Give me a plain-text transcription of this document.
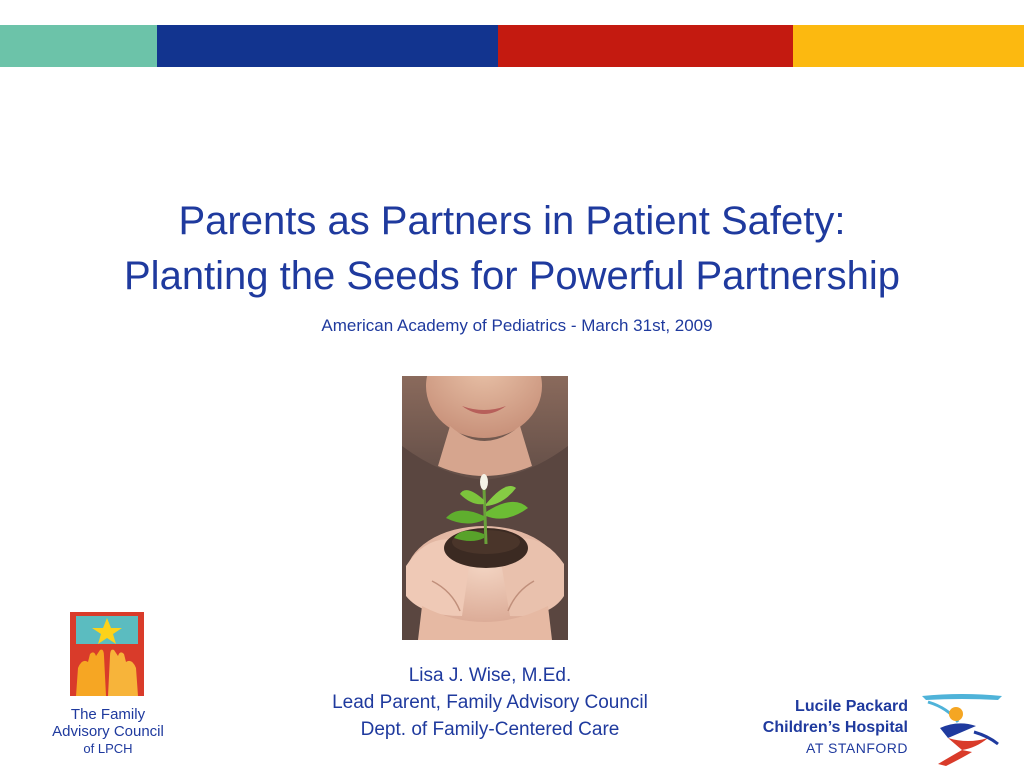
Parents as Partners in Patient Safety:
Planting the Seeds for Powerful Partnership
American Academy of Pediatrics - March 31st, 2009
Lisa J. Wise, M.Ed.
Lead Parent, Family Advisory Council
Dept. of Family-Centered Care
The Family
Advisory Council
of LPCH
Lucile Packard
Children’s Hospital
AT STANFORD
